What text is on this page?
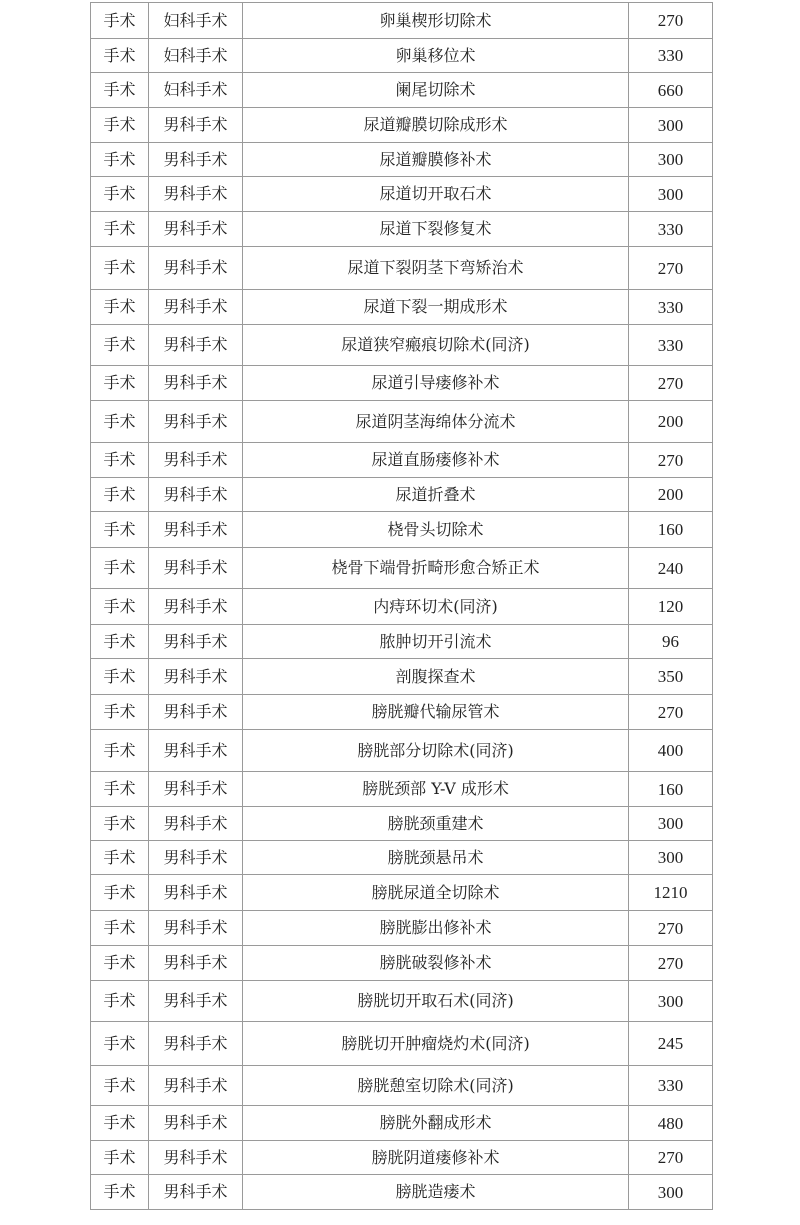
手术	妇科手术	卵巢楔形切除术	270
手术	妇科手术	卵巢移位术	330
手术	妇科手术	阑尾切除术	660
手术	男科手术	尿道瓣膜切除成形术	300
手术	男科手术	尿道瓣膜修补术	300
手术	男科手术	尿道切开取石术	300
手术	男科手术	尿道下裂修复术	330
手术	男科手术	尿道下裂阴茎下弯矫治术	270
手术	男科手术	尿道下裂一期成形术	330
手术	男科手术	尿道狭窄瘢痕切除术(同济)	330
手术	男科手术	尿道引导瘘修补术	270
手术	男科手术	尿道阴茎海绵体分流术	200
手术	男科手术	尿道直肠瘘修补术	270
手术	男科手术	尿道折叠术	200
手术	男科手术	桡骨头切除术	160
手术	男科手术	桡骨下端骨折畸形愈合矫正术	240
手术	男科手术	内痔环切术(同济)	120
手术	男科手术	脓肿切开引流术	96
手术	男科手术	剖腹探查术	350
手术	男科手术	膀胱瓣代输尿管术	270
手术	男科手术	膀胱部分切除术(同济)	400
手术	男科手术	膀胱颈部 Y-V 成形术	160
手术	男科手术	膀胱颈重建术	300
手术	男科手术	膀胱颈悬吊术	300
手术	男科手术	膀胱尿道全切除术	1210
手术	男科手术	膀胱膨出修补术	270
手术	男科手术	膀胱破裂修补术	270
手术	男科手术	膀胱切开取石术(同济)	300
手术	男科手术	膀胱切开肿瘤烧灼术(同济)	245
手术	男科手术	膀胱憩室切除术(同济)	330
手术	男科手术	膀胱外翻成形术	480
手术	男科手术	膀胱阴道瘘修补术	270
手术	男科手术	膀胱造瘘术	300
